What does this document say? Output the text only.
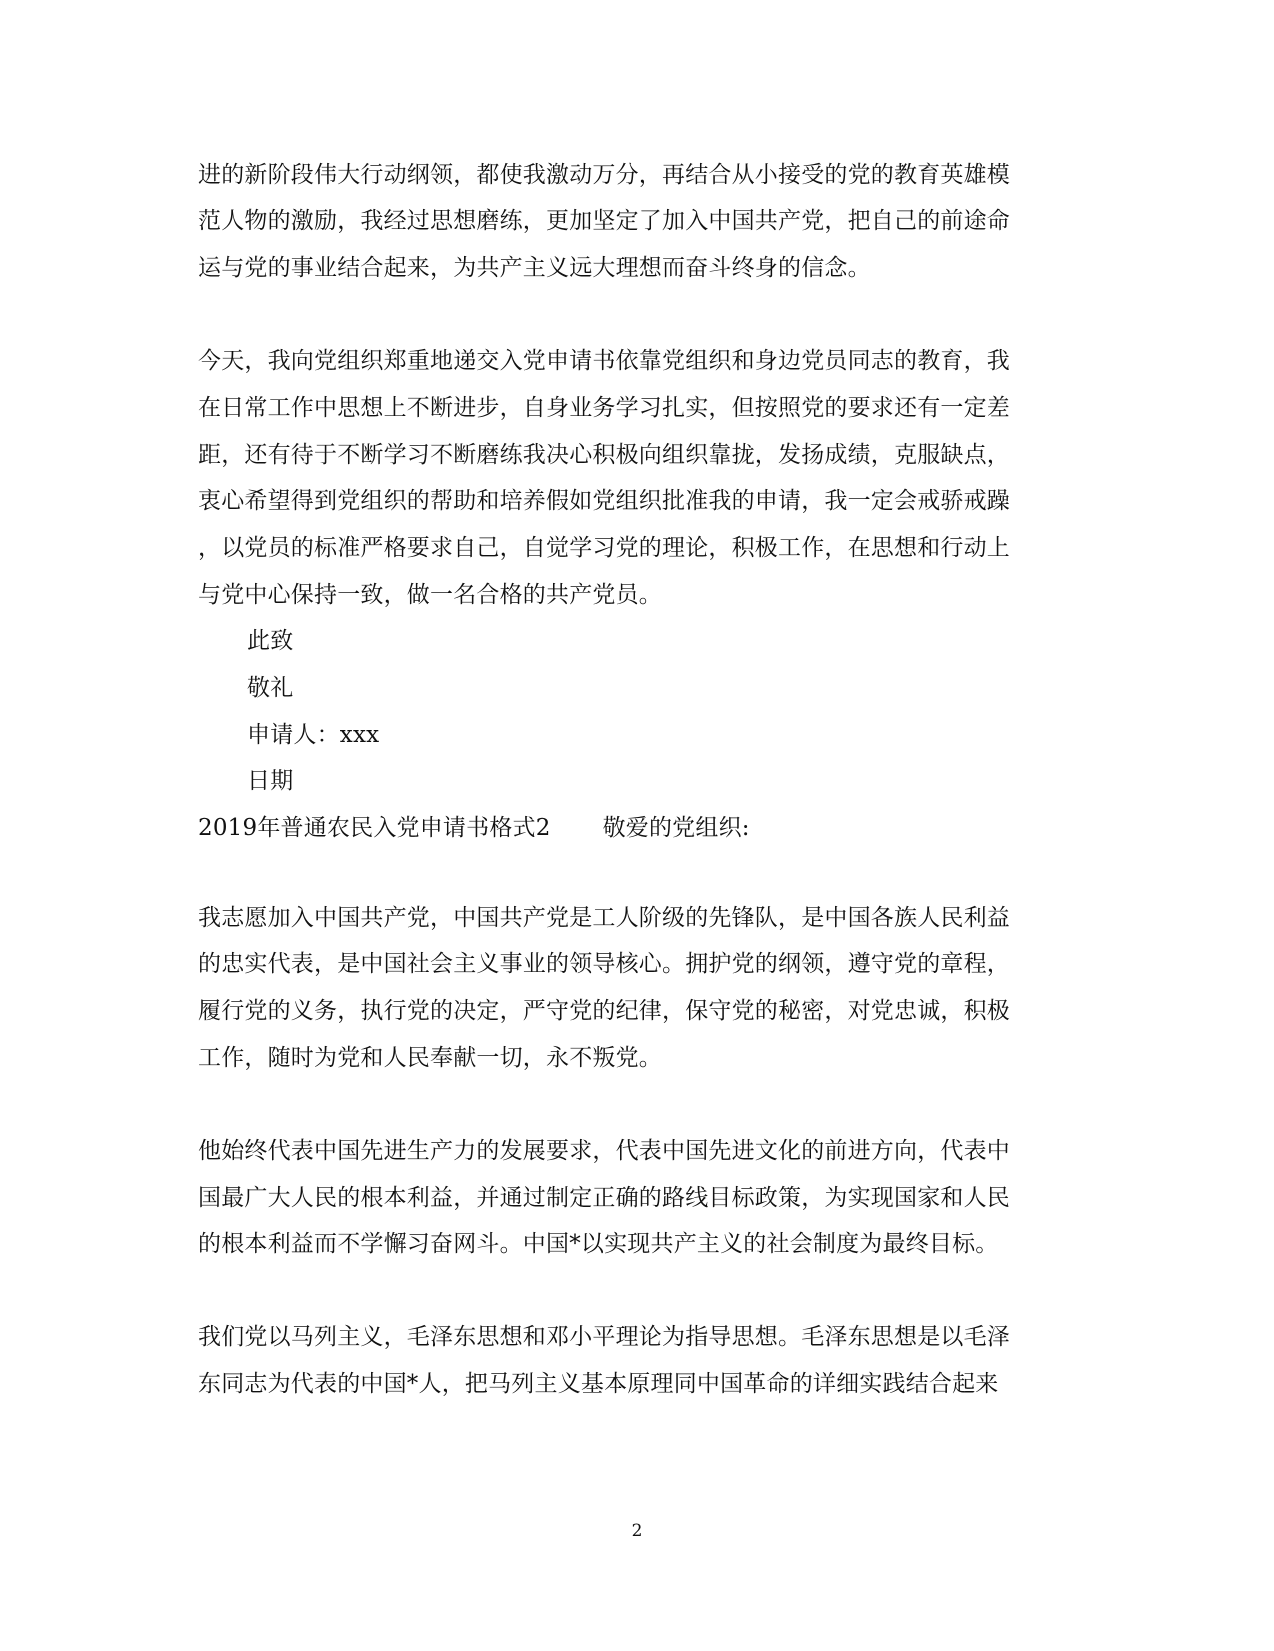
进的新阶段伟大行动纲领，都使我激动万分，再结合从小接受的党的教育英雄模
范人物的激励，我经过思想磨练，更加坚定了加入中国共产党，把自己的前途命
运与党的事业结合起来，为共产主义远大理想而奋斗终身的信念。
今天，我向党组织郑重地递交入党申请书依靠党组织和身边党员同志的教育，我
在日常工作中思想上不断进步，自身业务学习扎实，但按照党的要求还有一定差
距，还有待于不断学习不断磨练我决心积极向组织靠拢，发扬成绩，克服缺点，
衷心希望得到党组织的帮助和培养假如党组织批准我的申请，我一定会戒骄戒躁
，以党员的标准严格要求自己，自觉学习党的理论，积极工作，在思想和行动上
与党中心保持一致，做一名合格的共产党员。
此致
敬礼
申请人：xxx
日期
2019年普通农民入党申请书格式2 敬爱的党组织:
我志愿加入中国共产党，中国共产党是工人阶级的先锋队，是中国各族人民利益
的忠实代表，是中国社会主义事业的领导核心。拥护党的纲领，遵守党的章程，
履行党的义务，执行党的决定，严守党的纪律，保守党的秘密，对党忠诚，积极
工作，随时为党和人民奉献一切，永不叛党。
他始终代表中国先进生产力的发展要求，代表中国先进文化的前进方向，代表中
国最广大人民的根本利益，并通过制定正确的路线目标政策，为实现国家和人民
的根本利益而不学懈习奋网斗。中国*以实现共产主义的社会制度为最终目标。
我们党以马列主义，毛泽东思想和邓小平理论为指导思想。毛泽东思想是以毛泽
东同志为代表的中国*人，把马列主义基本原理同中国革命的详细实践结合起来
2
